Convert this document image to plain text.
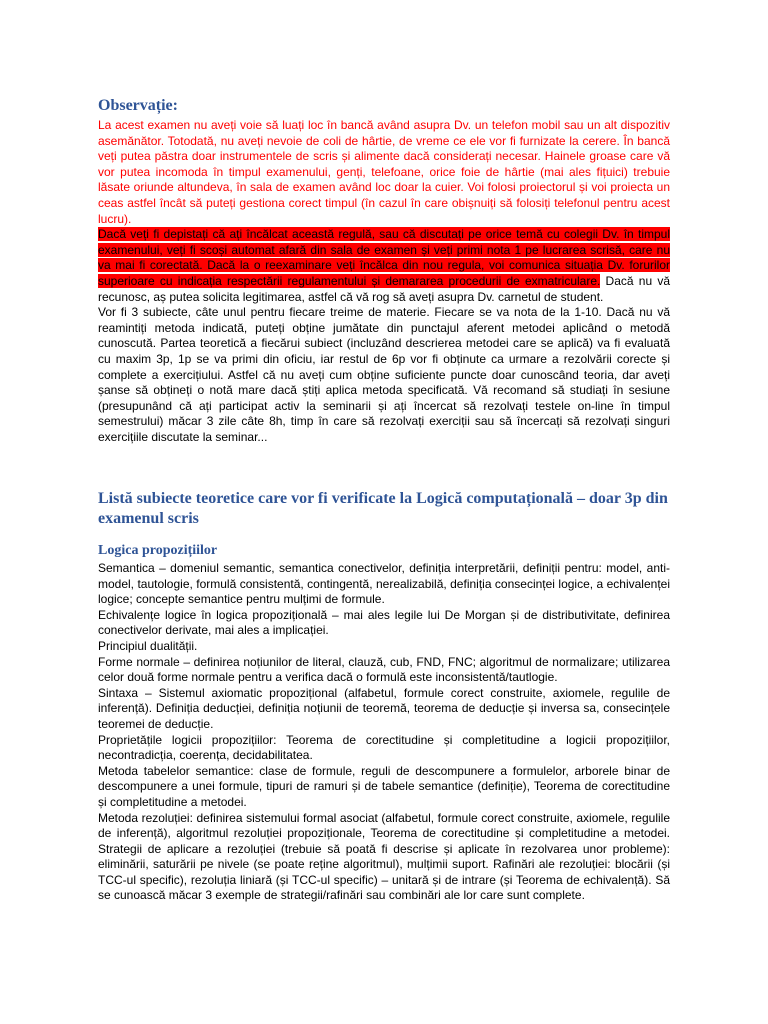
Observație:

La acest examen nu aveți voie să luați loc în bancă având asupra Dv. un telefon mobil sau un alt dispozitiv asemănător. Totodată, nu aveți nevoie de coli de hârtie, de vreme ce ele vor fi furnizate la cerere. În bancă veți putea păstra doar instrumentele de scris și alimente dacă considerați necesar. Hainele groase care vă vor putea incomoda în timpul examenului, genți, telefoane, orice foie de hârtie (mai ales fițuici) trebuie lăsate oriunde altundeva, în sala de examen având loc doar la cuier. Voi folosi proiectorul și voi proiecta un ceas astfel încât să puteți gestiona corect timpul (în cazul în care obișnuiți să folosiți telefonul pentru acest lucru).

Dacă veți fi depistați că ați încălcat această regulă, sau că discutați pe orice temă cu colegii Dv. în timpul examenului, veți fi scoși automat afară din sala de examen și veți primi nota 1 pe lucrarea scrisă, care nu va mai fi corectată. Dacă la o reexaminare veți încălca din nou regula, voi comunica situația Dv. forurilor superioare cu indicația respectării regulamentului și demararea procedurii de exmatriculare. Dacă nu vă recunosc, aș putea solicita legitimarea, astfel că vă rog să aveți asupra Dv. carnetul de student.

Vor fi 3 subiecte, câte unul pentru fiecare treime de materie. Fiecare se va nota de la 1-10. Dacă nu vă reamintiți metoda indicată, puteți obține jumătate din punctajul aferent metodei aplicând o metodă cunoscută. Partea teoretică a fiecărui subiect (incluzând descrierea metodei care se aplică) va fi evaluată cu maxim 3p, 1p se va primi din oficiu, iar restul de 6p vor fi obținute ca urmare a rezolvării corecte și complete a exercițiului. Astfel că nu aveți cum obține suficiente puncte doar cunoscând teoria, dar aveți șanse să obțineți o notă mare dacă știți aplica metoda specificată. Vă recomand să studiați în sesiune (presupunând că ați participat activ la seminarii și ați încercat să rezolvați testele on-line în timpul semestrului) măcar 3 zile câte 8h, timp în care să rezolvați exerciții sau să încercați să rezolvați singuri exercițiile discutate la seminar...

Listă subiecte teoretice care vor fi verificate la Logică computațională – doar 3p din examenul scris
Logica propozițiilor

Semantica – domeniul semantic, semantica conectivelor, definiția interpretării, definiții pentru: model, anti-model, tautologie, formulă consistentă, contingentă, nerealizabilă, definiția consecinței logice, a echivalenței logice; concepte semantice pentru mulțimi de formule.

Echivalențe logice în logica propozițională – mai ales legile lui De Morgan și de distributivitate, definirea conectivelor derivate, mai ales a implicației.

Principiul dualității.

Forme normale – definirea noțiunilor de literal, clauză, cub, FND, FNC; algoritmul de normalizare; utilizarea celor două forme normale pentru a verifica dacă o formulă este inconsistentă/tautlogie.

Sintaxa – Sistemul axiomatic propozițional (alfabetul, formule corect construite, axiomele, regulile de inferență). Definiția deducției, definiția noțiunii de teoremă, teorema de deducție și inversa sa, consecințele teoremei de deducție.

Proprietățile logicii propozițiilor: Teorema de corectitudine și completitudine a logicii propozițiilor, necontradicția, coerența, decidabilitatea.

Metoda tabelelor semantice: clase de formule, reguli de descompunere a formulelor, arborele binar de descompunere a unei formule, tipuri de ramuri și de tabele semantice (definiție), Teorema de corectitudine și completitudine a metodei.

Metoda rezoluției: definirea sistemului formal asociat (alfabetul, formule corect construite, axiomele, regulile de inferență), algoritmul rezoluției propoziționale, Teorema de corectitudine și completitudine a metodei. Strategii de aplicare a rezoluției (trebuie să poată fi descrise și aplicate în rezolvarea unor probleme): eliminării, saturării pe nivele (se poate reține algoritmul), mulțimii suport. Rafinări ale rezoluției: blocării (și TCC-ul specific), rezoluția liniară (și TCC-ul specific) – unitară și de intrare (și Teorema de echivalență). Să se cunoască măcar 3 exemple de strategii/rafinări sau combinări ale lor care sunt complete.
